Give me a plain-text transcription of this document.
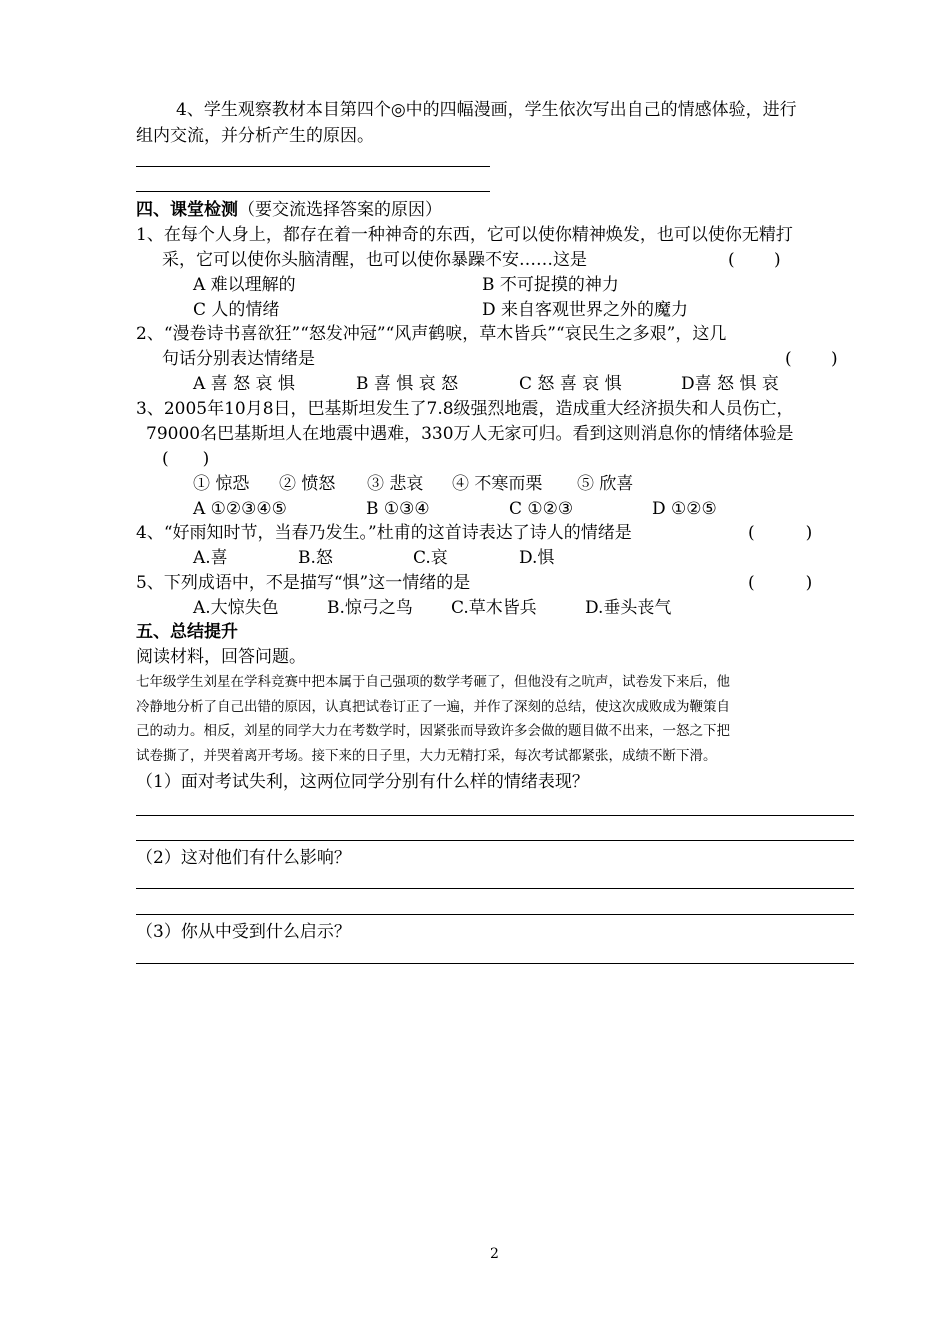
4、学生观察教材本目第四个◎中的四幅漫画，学生依次写出自己的情感体验，进行
组内交流，并分析产生的原因。
四、课堂检测（要交流选择答案的原因）
1、在每个人身上，都存在着一种神奇的东西，它可以使你精神焕发，也可以使你无精打
采，它可以使你头脑清醒，也可以使你暴躁不安……这是	(　　 )
A 难以理解的	B 不可捉摸的神力
C 人的情绪	D 来自客观世界之外的魔力
2、“漫卷诗书喜欲狂”“怒发冲冠”“风声鹤唳，草木皆兵”“哀民生之多艰”，这几
句话分别表达情绪是	(　　 )
A 喜 怒 哀 惧	B 喜 惧 哀 怒	C 怒 喜 哀 惧	D喜 怒 惧 哀
3、2005年10月8日，巴基斯坦发生了7.8级强烈地震，造成重大经济损失和人员伤亡，
79000名巴基斯坦人在地震中遇难，330万人无家可归。看到这则消息你的情绪体验是
(　　)
① 惊恐 ② 愤怒 ③ 悲哀 ④ 不寒而栗 ⑤ 欣喜
A ①②③④⑤	B ①③④	C ①②③	D ①②⑤
4、“好雨知时节，当春乃发生。”杜甫的这首诗表达了诗人的情绪是	(　　　)
A.喜	B.怒	C.哀	D.惧
5、下列成语中，不是描写“惧”这一情绪的是	(　　　)
A.大惊失色	B.惊弓之鸟 C.草木皆兵	D.垂头丧气
五、总结提升
阅读材料，回答问题。
七年级学生刘星在学科竞赛中把本属于自己强项的数学考砸了，但他没有之吭声，试卷发下来后，他
冷静地分析了自己出错的原因，认真把试卷订正了一遍，并作了深刻的总结，使这次成败成为鞭策自
己的动力。相反，刘星的同学大力在考数学时，因紧张而导致许多会做的题目做不出来，一怒之下把
试卷撕了，并哭着离开考场。接下来的日子里，大力无精打采，每次考试都紧张，成绩不断下滑。
（1）面对考试失利，这两位同学分别有什么样的情绪表现？
（2）这对他们有什么影响？
（3）你从中受到什么启示？
2
